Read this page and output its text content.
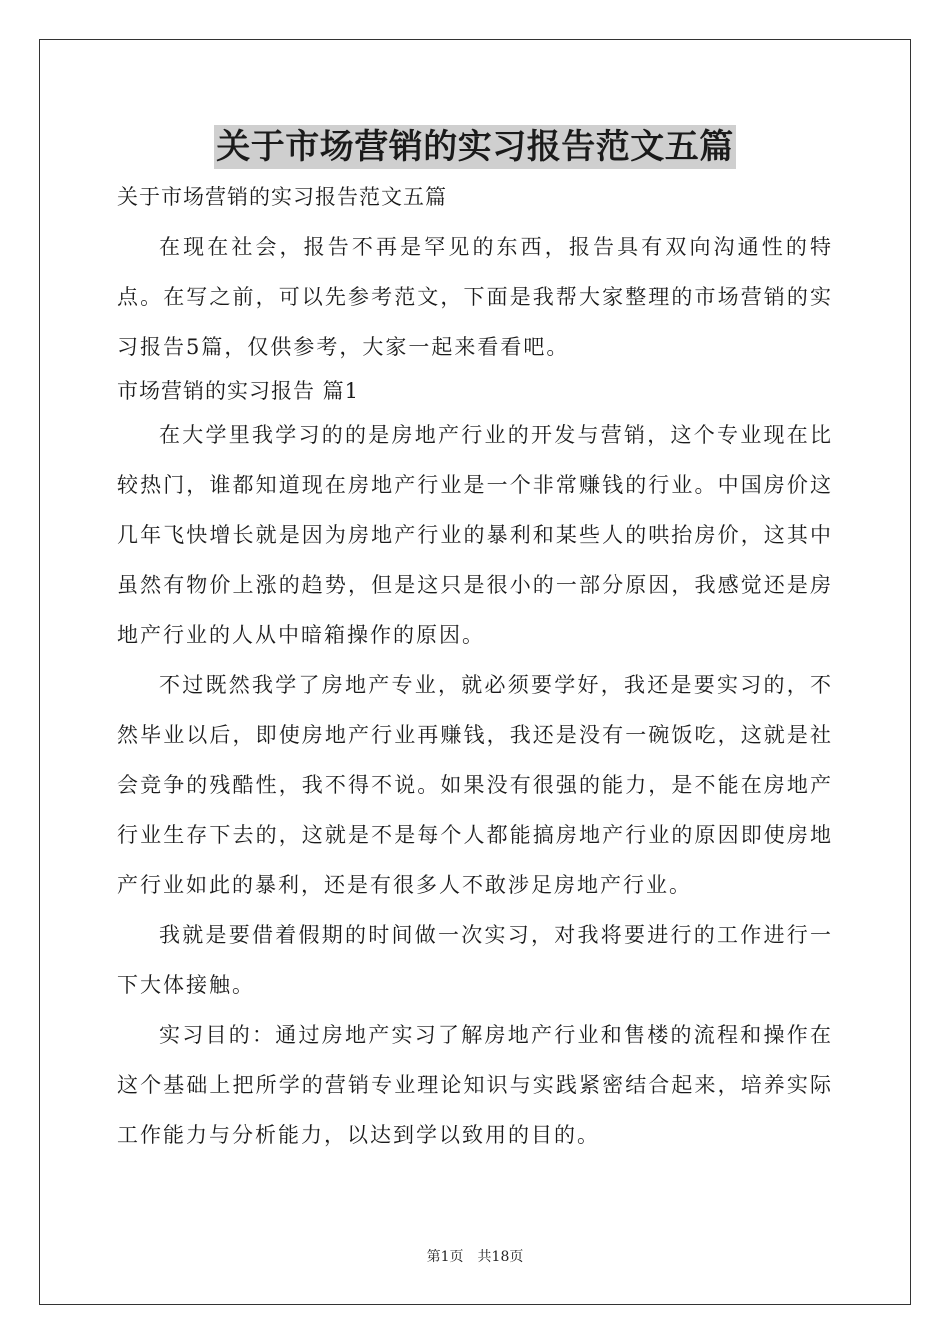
关于市场营销的实习报告范文五篇

关于市场营销的实习报告范文五篇

在现在社会，报告不再是罕见的东西，报告具有双向沟通性的特点。在写之前，可以先参考范文，下面是我帮大家整理的市场营销的实习报告5篇，仅供参考，大家一起来看看吧。

市场营销的实习报告 篇1

在大学里我学习的的是房地产行业的开发与营销，这个专业现在比较热门，谁都知道现在房地产行业是一个非常赚钱的行业。中国房价这几年飞快增长就是因为房地产行业的暴利和某些人的哄抬房价，这其中虽然有物价上涨的趋势，但是这只是很小的一部分原因，我感觉还是房地产行业的人从中暗箱操作的原因。

不过既然我学了房地产专业，就必须要学好，我还是要实习的，不然毕业以后，即使房地产行业再赚钱，我还是没有一碗饭吃，这就是社会竞争的残酷性，我不得不说。如果没有很强的能力，是不能在房地产行业生存下去的，这就是不是每个人都能搞房地产行业的原因即使房地产行业如此的暴利，还是有很多人不敢涉足房地产行业。

我就是要借着假期的时间做一次实习，对我将要进行的工作进行一下大体接触。

实习目的：通过房地产实习了解房地产行业和售楼的流程和操作在这个基础上把所学的营销专业理论知识与实践紧密结合起来，培养实际工作能力与分析能力，以达到学以致用的目的。

第1页　共18页
